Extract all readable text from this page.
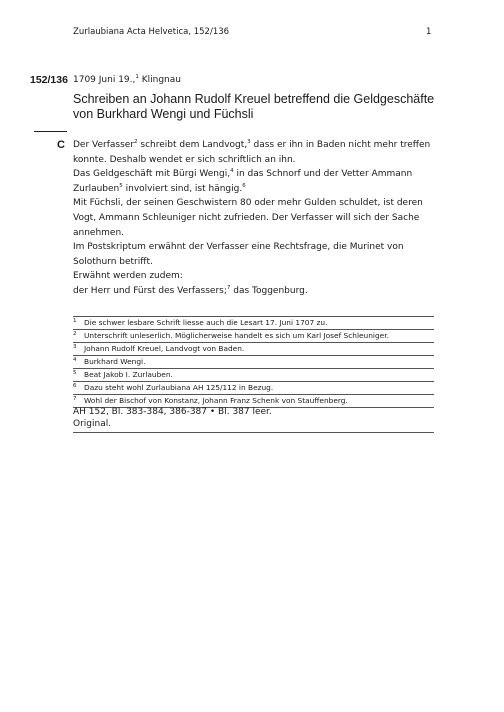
Zurlaubiana Acta Helvetica, 152/136	1
152/136 1709 Juni 19.,$^1$ Klingnau
Schreiben an Johann Rudolf Kreuel betreffend die Geldgeschäfte von Burkhard Wengi und Füchsli
C Der Verfasser$^2$ schreibt dem Landvogt,$^3$ dass er ihn in Baden nicht mehr treffen

konnte. Deshalb wendet er sich schriftlich an ihn.

Das Geldgeschäft mit Bürgi Wengi,$^4$ in das Schnorf und der Vetter Ammann

Zurlauben$^5$ involviert sind, ist hängig.$^6$

Mit Füchsli, der seinen Geschwistern 80 oder mehr Gulden schuldet, ist deren

Vogt, Ammann Schleuniger nicht zufrieden. Der Verfasser will sich der Sache

annehmen.

Im Postskriptum erwähnt der Verfasser eine Rechtsfrage, die Murinet von

Solothurn betrifft.

Erwähnt werden zudem:

der Herr und Fürst des Verfassers;$^7$ das Toggenburg.

1	Die schwer lesbare Schrift liesse auch die Lesart 17. Juni 1707 zu.
2	Unterschrift unleserlich. Möglicherweise handelt es sich um Karl Josef Schleuniger.
3	Johann Rudolf Kreuel, Landvogt von Baden.
4	Burkhard Wengi.
5	Beat Jakob I. Zurlauben.
6	Dazu steht wohl Zurlaubiana AH 125/112 in Bezug.
7	Wohl der Bischof von Konstanz, Johann Franz Schenk von Stauffenberg.
AH 152, Bl. 383-384, 386-387 • Bl. 387 leer.
Original.
